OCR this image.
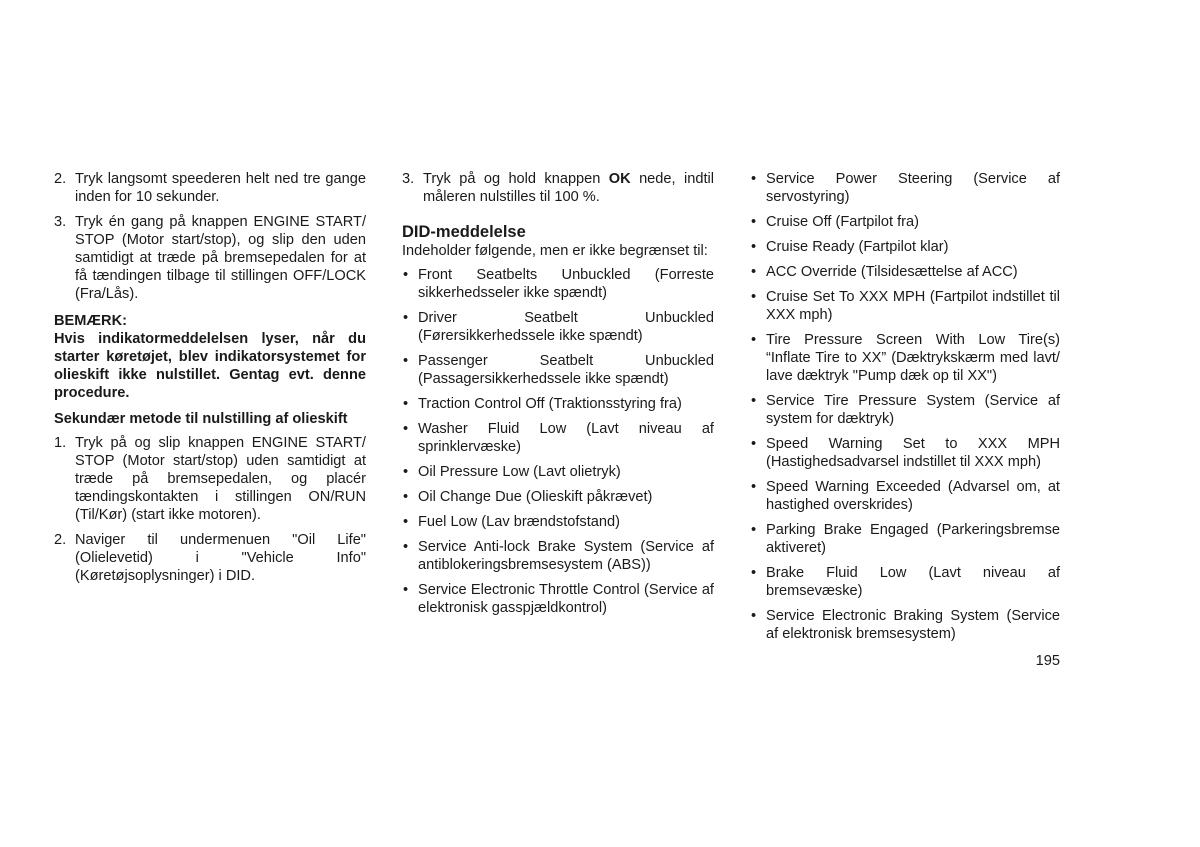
2. Tryk langsomt speederen helt ned tre gange inden for 10 sekunder.
3. Tryk én gang på knappen ENGINE START/ STOP (Motor start/stop), og slip den uden samtidigt at træde på bremsepedalen for at få tændingen tilbage til stillingen OFF/LOCK (Fra/Lås).
BEMÆRK:
Hvis indikatormeddelelsen lyser, når du starter køretøjet, blev indikatorsystemet for olieskift ikke nulstillet. Gentag evt. denne procedure.
Sekundær metode til nulstilling af olieskift
1. Tryk på og slip knappen ENGINE START/ STOP (Motor start/stop) uden samtidigt at træde på bremsepedalen, og placér tændingskontakten i stillingen ON/RUN (Til/Kør) (start ikke motoren).
2. Naviger til undermenuen "Oil Life" (Olielevetid) i "Vehicle Info" (Køretøjsoplysninger) i DID.
3. Tryk på og hold knappen OK nede, indtil måleren nulstilles til 100 %.
DID-meddelelse
Indeholder følgende, men er ikke begrænset til:
• Front Seatbelts Unbuckled (Forreste sikkerhedsseler ikke spændt)
• Driver Seatbelt Unbuckled (Førersikkerhedssele ikke spændt)
• Passenger Seatbelt Unbuckled (Passagersikkerhedssele ikke spændt)
• Traction Control Off (Traktionsstyring fra)
• Washer Fluid Low (Lavt niveau af sprinklervæske)
• Oil Pressure Low (Lavt olietryk)
• Oil Change Due (Olieskift påkrævet)
• Fuel Low (Lav brændstofstand)
• Service Anti-lock Brake System (Service af antiblokeringsbremsesystem (ABS))
• Service Electronic Throttle Control (Service af elektronisk gasspjældkontrol)
• Service Power Steering (Service af servostyring)
• Cruise Off (Fartpilot fra)
• Cruise Ready (Fartpilot klar)
• ACC Override (Tilsidesættelse af ACC)
• Cruise Set To XXX MPH (Fartpilot indstillet til XXX mph)
• Tire Pressure Screen With Low Tire(s) “Inflate Tire to XX” (Dæktrykskærm med lavt/ lave dæktryk "Pump dæk op til XX")
• Service Tire Pressure System (Service af system for dæktryk)
• Speed Warning Set to XXX MPH (Hastighedsadvarsel indstillet til XXX mph)
• Speed Warning Exceeded (Advarsel om, at hastighed overskrides)
• Parking Brake Engaged (Parkeringsbremse aktiveret)
• Brake Fluid Low (Lavt niveau af bremsevæske)
• Service Electronic Braking System (Service af elektronisk bremsesystem)
195
